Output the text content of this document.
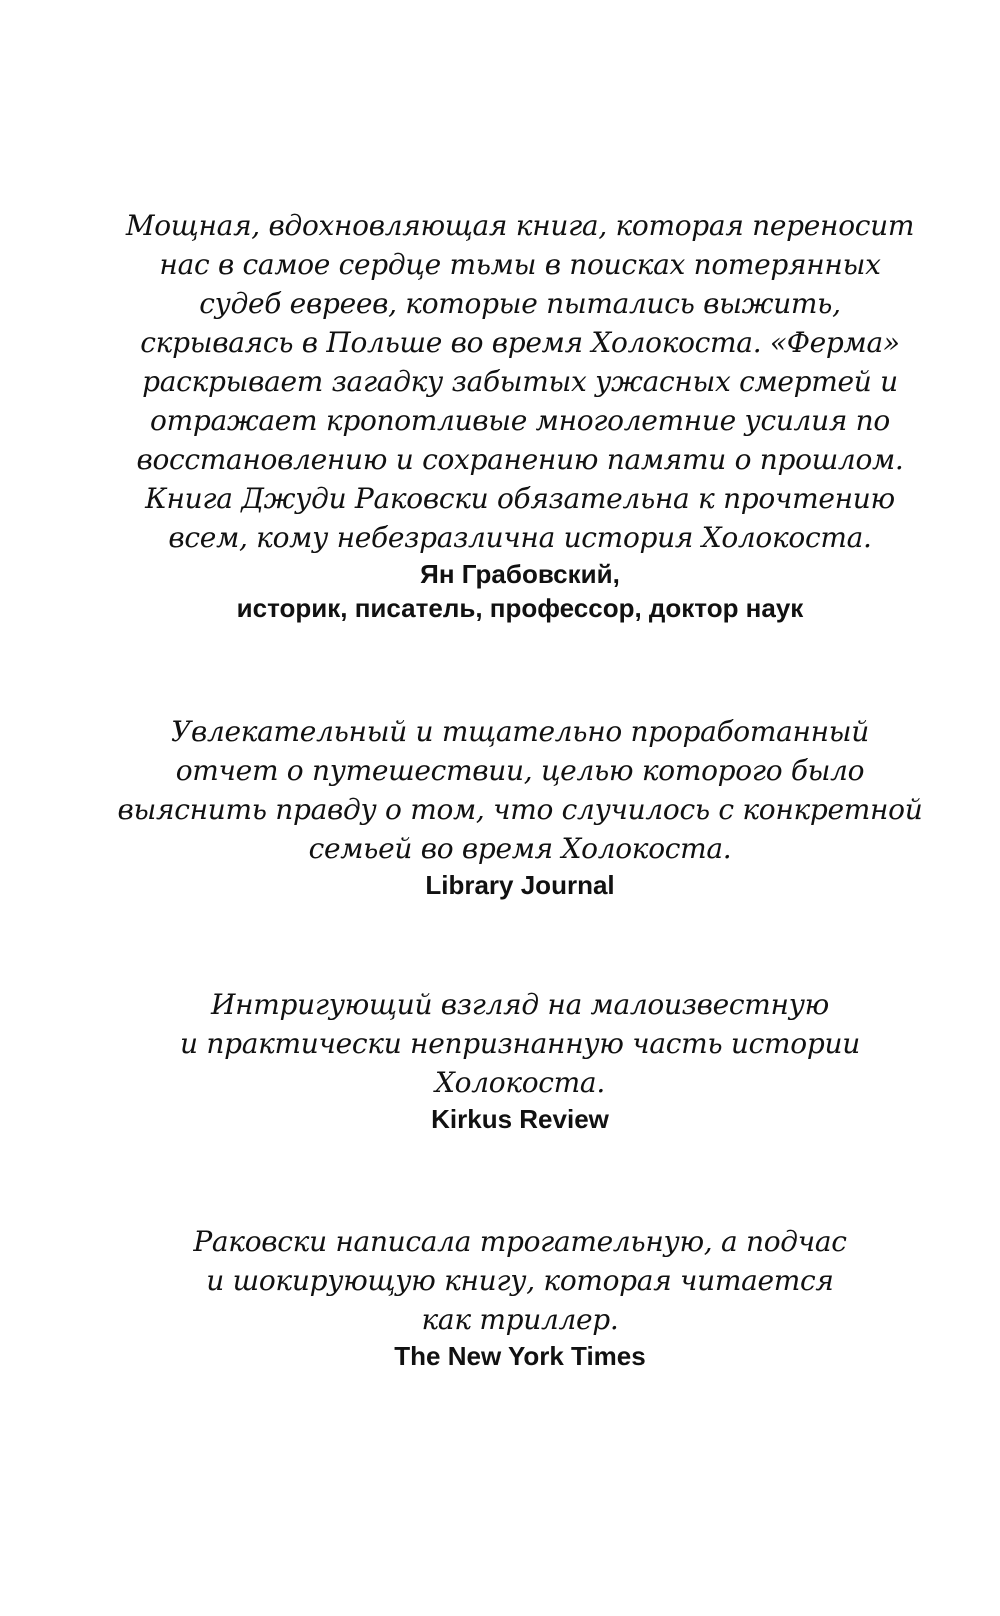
Мощная, вдохновляющая книга, которая переносит
нас в самое сердце тьмы в поисках потерянных
судеб евреев, которые пытались выжить,
скрываясь в Польше во время Холокоста. «Ферма»
раскрывает загадку забытых ужасных смертей и
отражает кропотливые многолетние усилия по
восстановлению и сохранению памяти о прошлом.
Книга Джуди Раковски обязательна к прочтению
всем, кому небезразлична история Холокоста.
Ян Грабовский,
историк, писатель, профессор, доктор наук
Увлекательный и тщательно проработанный
отчет о путешествии, целью которого было
выяснить правду о том, что случилось с конкретной
семьей во время Холокоста.
Library Journal
Интригующий взгляд на малоизвестную
и практически непризнанную часть истории
Холокоста.
Kirkus Review
Раковски написала трогательную, а подчас
и шокирующую книгу, которая читается
как триллер.
The New York Times
